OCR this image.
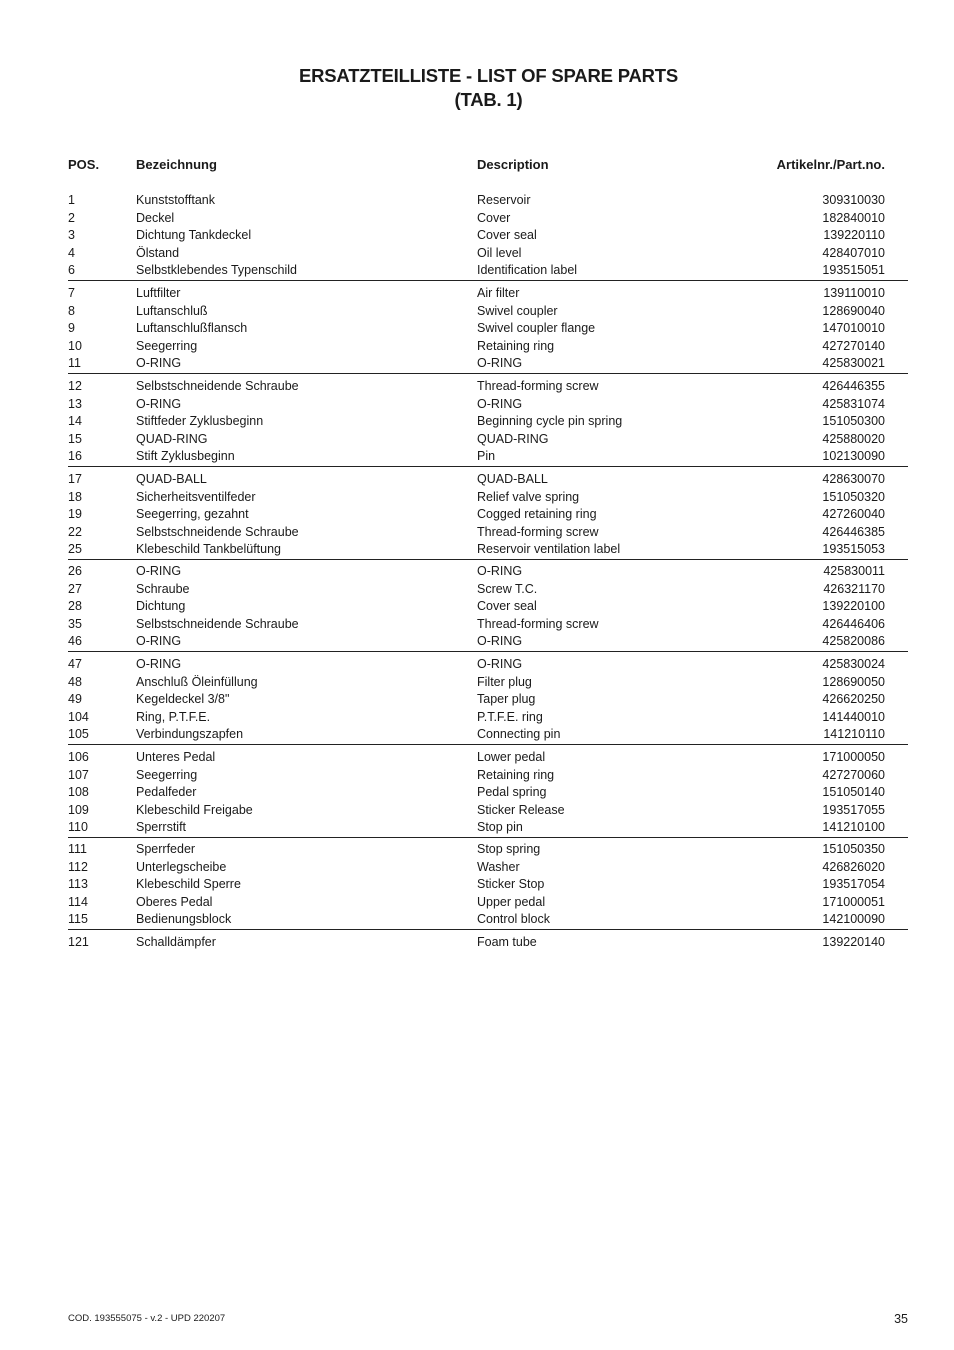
ERSATZTEILLISTE - LIST OF SPARE PARTS
(TAB. 1)
POS.	Bezeichnung	Description	Artikelnr./Part.no.
1	Kunststofftank	Reservoir	309310030
2	Deckel	Cover	182840010
3	Dichtung Tankdeckel	Cover seal	139220110
4	Ölstand	Oil level	428407010
6	Selbstklebendes Typenschild	Identification label	193515051
7	Luftfilter	Air filter	139110010
8	Luftanschluß	Swivel coupler	128690040
9	Luftanschlußflansch	Swivel coupler flange	147010010
10	Seegerring	Retaining ring	427270140
11	O-RING	O-RING	425830021
12	Selbstschneidende Schraube	Thread-forming screw	426446355
13	O-RING	O-RING	425831074
14	Stiftfeder Zyklusbeginn	Beginning cycle pin spring	151050300
15	QUAD-RING	QUAD-RING	425880020
16	Stift Zyklusbeginn	Pin	102130090
17	QUAD-BALL	QUAD-BALL	428630070
18	Sicherheitsventilfeder	Relief valve spring	151050320
19	Seegerring, gezahnt	Cogged retaining ring	427260040
22	Selbstschneidende Schraube	Thread-forming screw	426446385
25	Klebeschild Tankbelüftung	Reservoir ventilation label	193515053
26	O-RING	O-RING	425830011
27	Schraube	Screw T.C.	426321170
28	Dichtung	Cover seal	139220100
35	Selbstschneidende Schraube	Thread-forming screw	426446406
46	O-RING	O-RING	425820086
47	O-RING	O-RING	425830024
48	Anschluß Öleinfüllung	Filter plug	128690050
49	Kegeldeckel 3/8"	Taper plug	426620250
104	Ring, P.T.F.E.	P.T.F.E. ring	141440010
105	Verbindungszapfen	Connecting pin	141210110
106	Unteres Pedal	Lower pedal	171000050
107	Seegerring	Retaining ring	427270060
108	Pedalfeder	Pedal spring	151050140
109	Klebeschild Freigabe	Sticker Release	193517055
110	Sperrstift	Stop pin	141210100
111	Sperrfeder	Stop spring	151050350
112	Unterlegscheibe	Washer	426826020
113	Klebeschild Sperre	Sticker Stop	193517054
114	Oberes Pedal	Upper pedal	171000051
115	Bedienungsblock	Control block	142100090
121	Schalldämpfer	Foam tube	139220140
COD. 193555075 - v.2 - UPD 220207	35
